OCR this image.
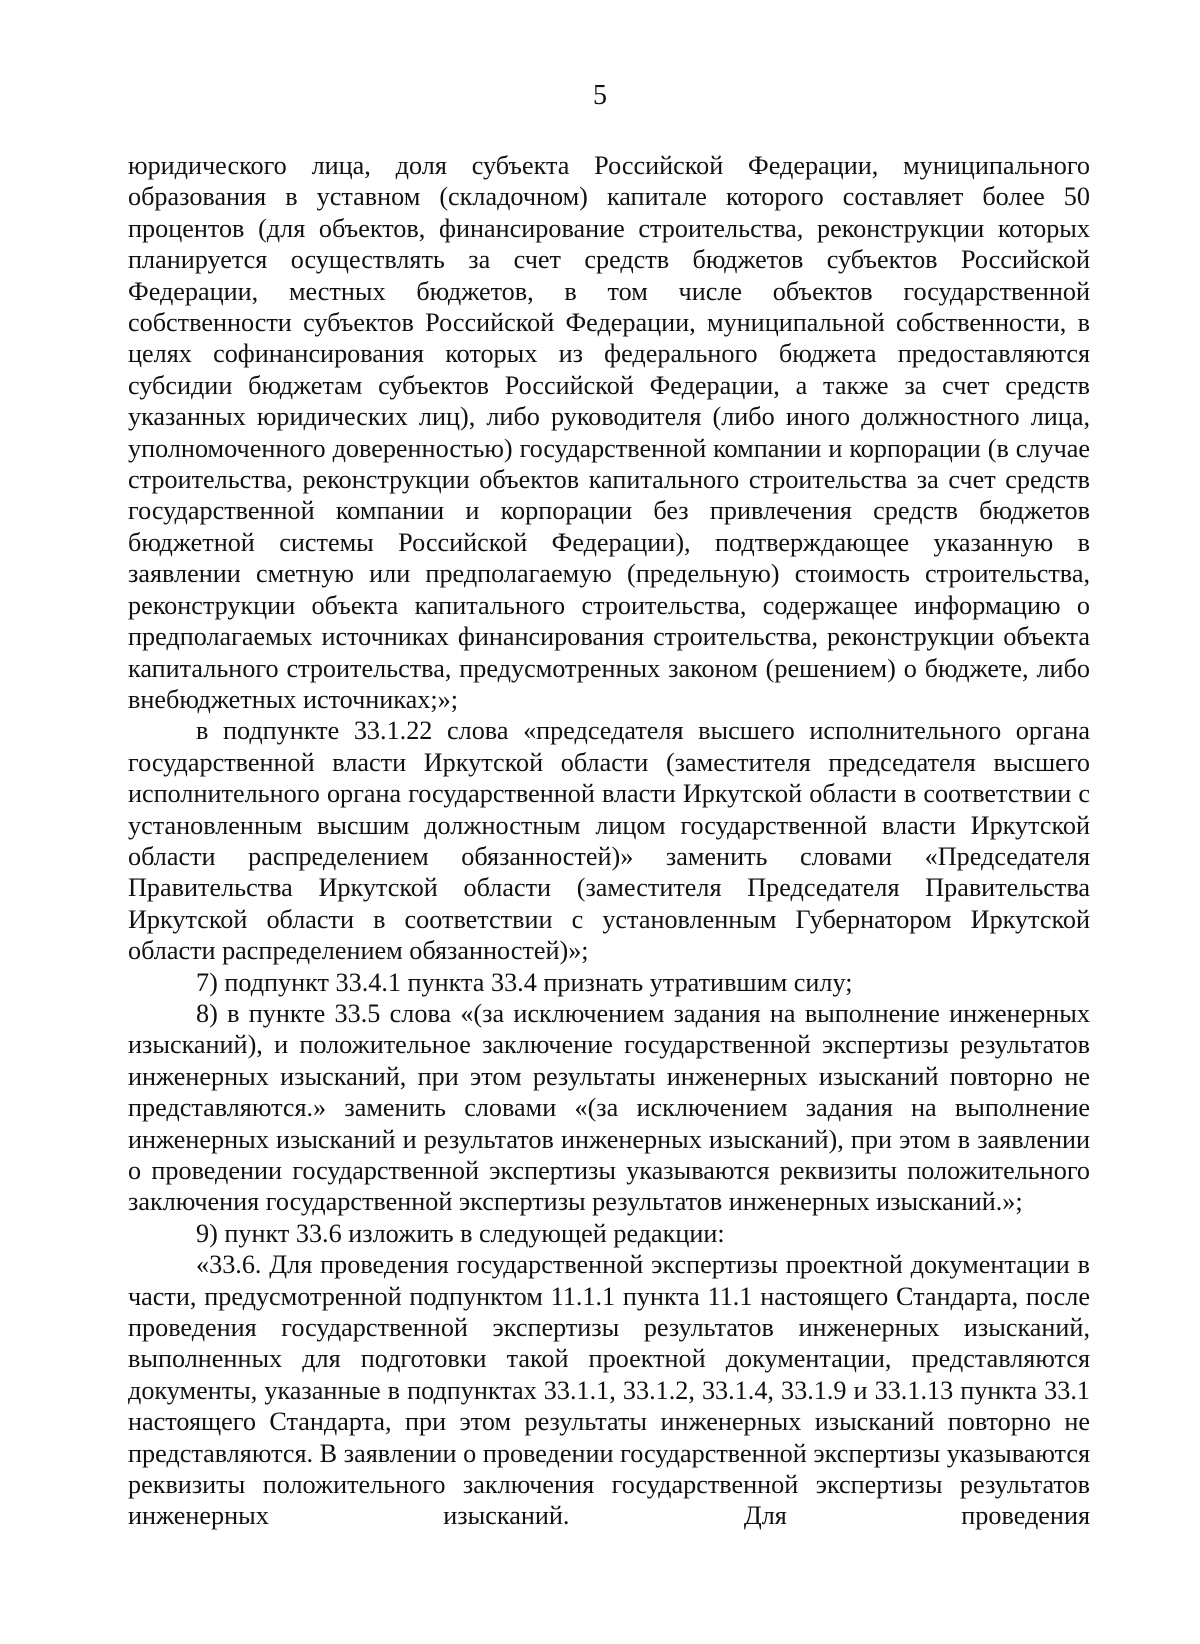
5

юридического лица, доля субъекта Российской Федерации, муниципального образования в уставном (складочном) капитале которого составляет более 50 процентов (для объектов, финансирование строительства, реконструкции которых планируется осуществлять за счет средств бюджетов субъектов Российской Федерации, местных бюджетов, в том числе объектов государственной собственности субъектов Российской Федерации, муниципальной собственности, в целях софинансирования которых из федерального бюджета предоставляются субсидии бюджетам субъектов Российской Федерации, а также за счет средств указанных юридических лиц), либо руководителя (либо иного должностного лица, уполномоченного доверенностью) государственной компании и корпорации (в случае строительства, реконструкции объектов капитального строительства за счет средств государственной компании и корпорации без привлечения средств бюджетов бюджетной системы Российской Федерации), подтверждающее указанную в заявлении сметную или предполагаемую (предельную) стоимость строительства, реконструкции объекта капитального строительства, содержащее информацию о предполагаемых источниках финансирования строительства, реконструкции объекта капитального строительства, предусмотренных законом (решением) о бюджете, либо внебюджетных источниках;»;

в подпункте 33.1.22 слова «председателя высшего исполнительного органа государственной власти Иркутской области (заместителя председателя высшего исполнительного органа государственной власти Иркутской области в соответствии с установленным высшим должностным лицом государственной власти Иркутской области распределением обязанностей)» заменить словами «Председателя Правительства Иркутской области (заместителя Председателя Правительства Иркутской области в соответствии с установленным Губернатором Иркутской области распределением обязанностей)»;

7) подпункт 33.4.1 пункта 33.4 признать утратившим силу;

8) в пункте 33.5 слова «(за исключением задания на выполнение инженерных изысканий), и положительное заключение государственной экспертизы результатов инженерных изысканий, при этом результаты инженерных изысканий повторно не представляются.» заменить словами «(за исключением задания на выполнение инженерных изысканий и результатов инженерных изысканий), при этом в заявлении о проведении государственной экспертизы указываются реквизиты положительного заключения государственной экспертизы результатов инженерных изысканий.»;

9) пункт 33.6 изложить в следующей редакции:

«33.6. Для проведения государственной экспертизы проектной документации в части, предусмотренной подпунктом 11.1.1 пункта 11.1 настоящего Стандарта, после проведения государственной экспертизы результатов инженерных изысканий, выполненных для подготовки такой проектной документации, представляются документы, указанные в подпунктах 33.1.1, 33.1.2, 33.1.4, 33.1.9 и 33.1.13 пункта 33.1 настоящего Стандарта, при этом результаты инженерных изысканий повторно не представляются. В заявлении о проведении государственной экспертизы указываются реквизиты положительного заключения государственной экспертизы результатов инженерных изысканий. Для проведения
